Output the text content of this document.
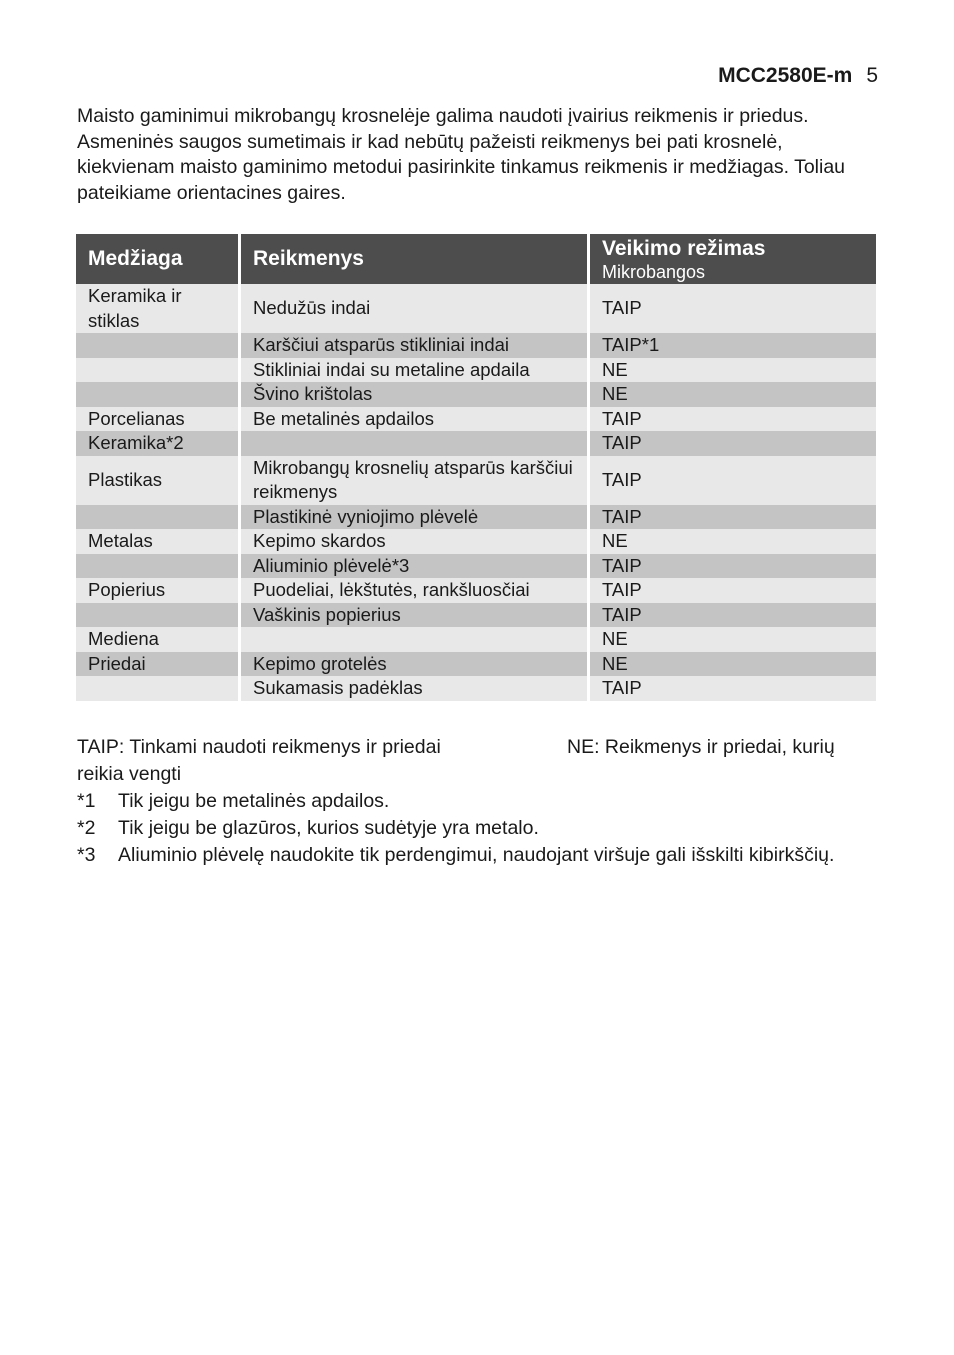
MCC2580E-m 5

Maisto gaminimui mikrobangų krosnelėje galima naudoti įvairius reikmenis ir priedus. Asmeninės saugos sumetimais ir kad nebūtų pažeisti reikmenys bei pati krosnelė, kiekvienam maisto gaminimo metodui pasirinkite tinkamus reikmenis ir medžiagas. Toliau pateikiame orientacines gaires.

Medžiaga	Reikmenys	Veikimo režimas
Mikrobangos

Keramika ir stiklas	Nedužūs indai	TAIP
	Karščiui atsparūs stikliniai indai	TAIP*1
	Stikliniai indai su metaline apdaila	NE
	Švino krištolas	NE
Porcelianas	Be metalinės apdailos	TAIP
Keramika*2		TAIP
Plastikas	Mikrobangų krosnelių atsparūs karščiui reikmenys	TAIP
	Plastikinė vyniojimo plėvelė	TAIP
Metalas	Kepimo skardos	NE
	Aliuminio plėvelė*3	TAIP
Popierius	Puodeliai, lėkštutės, rankšluosčiai	TAIP
	Vaškinis popierius	TAIP
Mediena		NE
Priedai	Kepimo grotelės	NE
	Sukamasis padėklas	TAIP
TAIP: Tinkami naudoti reikmenys ir priedai	NE: Reikmenys ir priedai, kurių reikia vengti
*1	Tik jeigu be metalinės apdailos.
*2	Tik jeigu be glazūros, kurios sudėtyje yra metalo.
*3	Aliuminio plėvelę naudokite tik perdengimui, naudojant viršuje gali išskilti kibirkščių.
